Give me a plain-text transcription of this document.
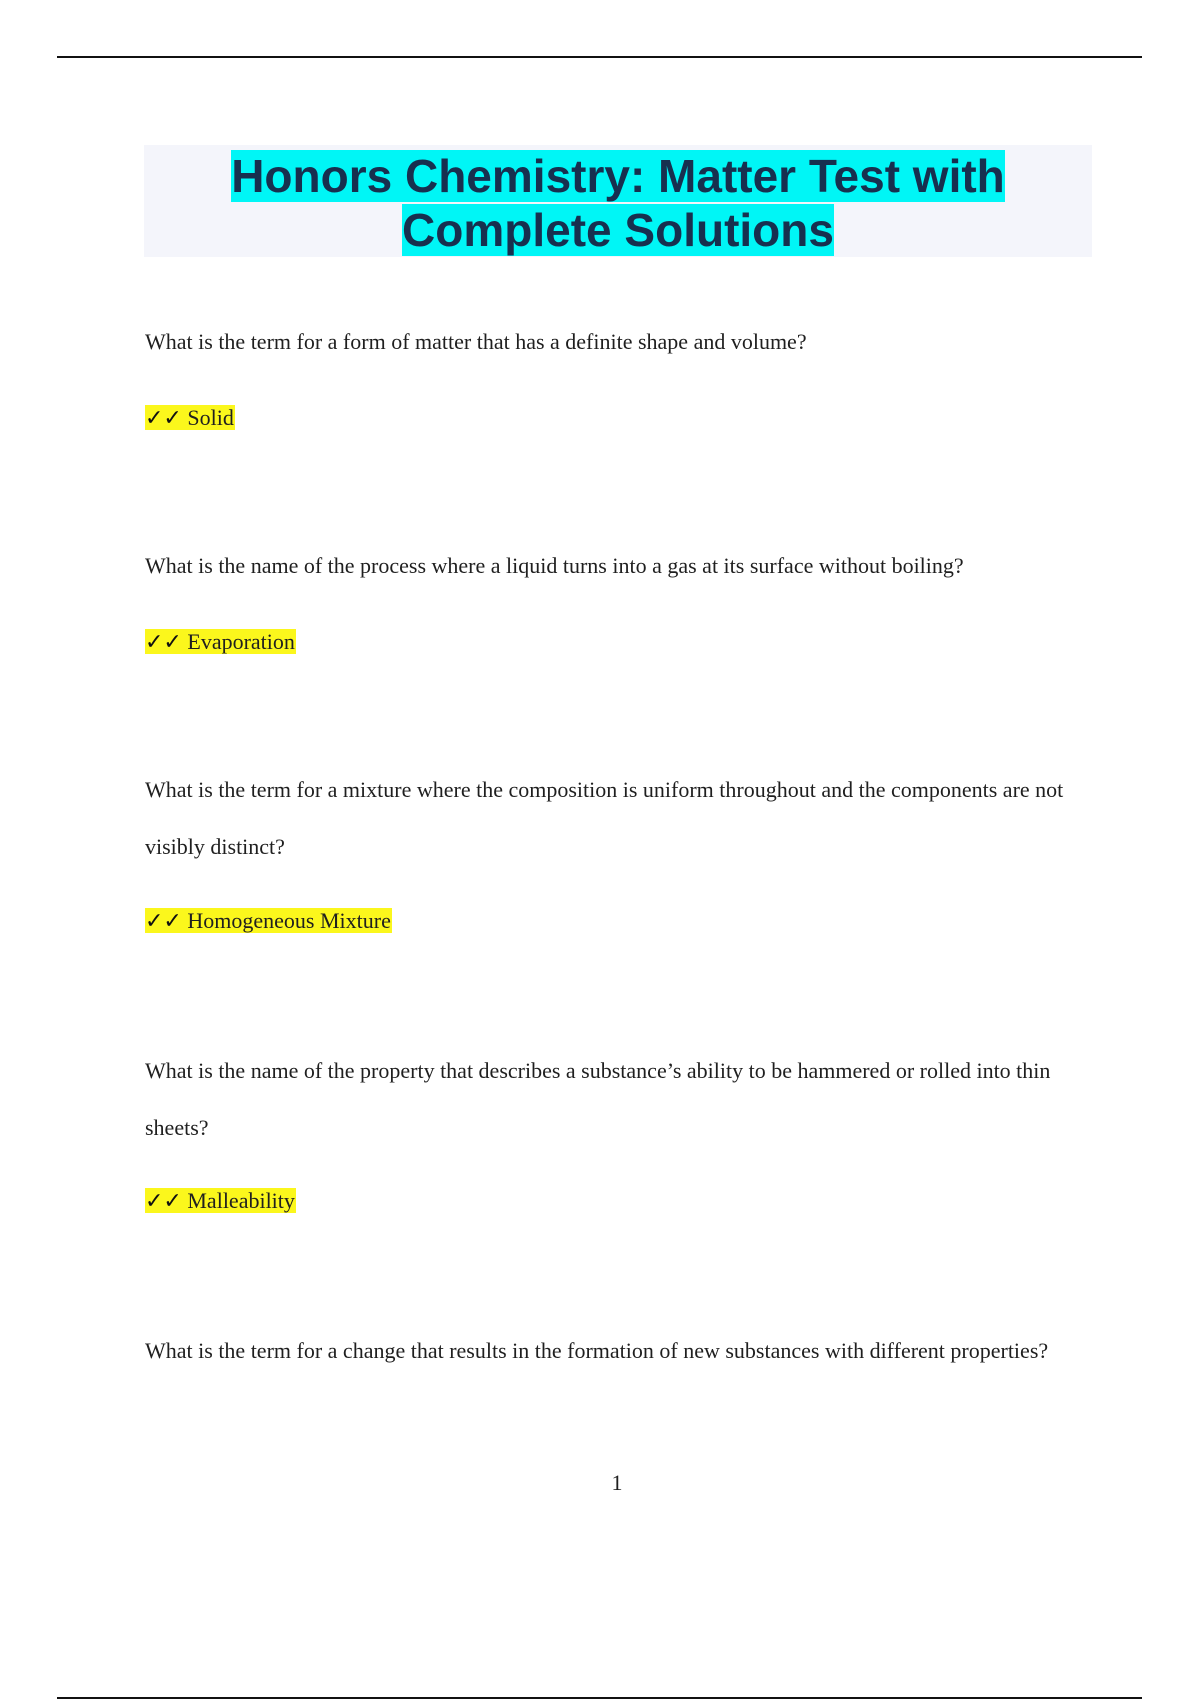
Honors Chemistry: Matter Test with Complete Solutions

What is the term for a form of matter that has a definite shape and volume?

✓✓ Solid

What is the name of the process where a liquid turns into a gas at its surface without boiling?

✓✓ Evaporation

What is the term for a mixture where the composition is uniform throughout and the components are not visibly distinct?

✓✓ Homogeneous Mixture

What is the name of the property that describes a substance’s ability to be hammered or rolled into thin sheets?

✓✓ Malleability

What is the term for a change that results in the formation of new substances with different properties?

1
